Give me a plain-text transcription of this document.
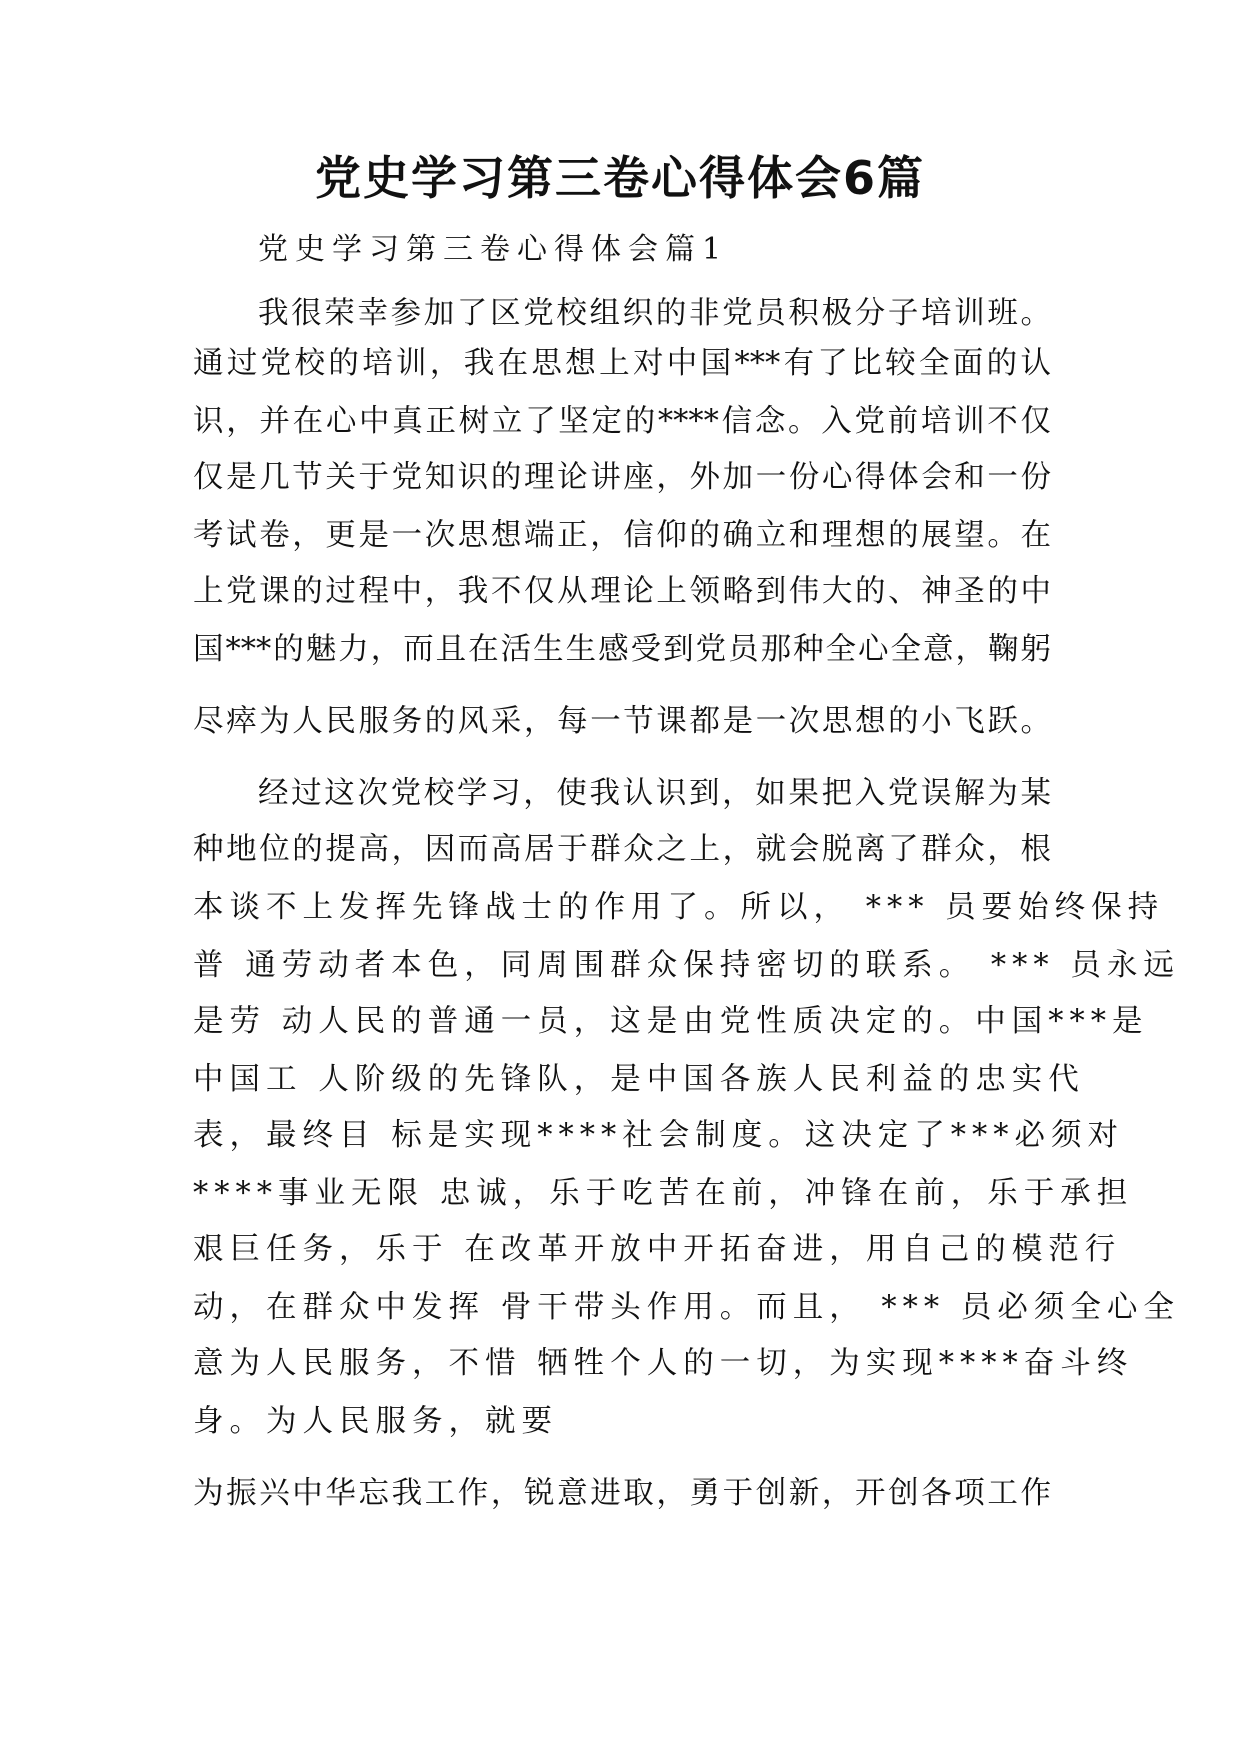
党史学习第三卷心得体会6篇

党史学习第三卷心得体会篇1

我很荣幸参加了区党校组织的非党员积极分子培训班。

通过党校的培训，我在思想上对中国***有了比较全面的认

识，并在心中真正树立了坚定的****信念。入党前培训不仅

仅是几节关于党知识的理论讲座，外加一份心得体会和一份

考试卷，更是一次思想端正，信仰的确立和理想的展望。在

上党课的过程中，我不仅从理论上领略到伟大的、神圣的中

国***的魅力，而且在活生生感受到党员那种全心全意，鞠躬

尽瘁为人民服务的风采，每一节课都是一次思想的小飞跃。

经过这次党校学习，使我认识到，如果把入党误解为某

种地位的提高，因而高居于群众之上，就会脱离了群众，根

本谈不上发挥先锋战士的作用了。所以， *** 员要始终保持

普 通劳动者本色，同周围群众保持密切的联系。 *** 员永远

是劳 动人民的普通一员，这是由党性质决定的。中国***是

中国工 人阶级的先锋队，是中国各族人民利益的忠实代

表，最终目 标是实现****社会制度。这决定了***必须对

****事业无限 忠诚，乐于吃苦在前，冲锋在前，乐于承担

艰巨任务，乐于 在改革开放中开拓奋进，用自己的模范行

动，在群众中发挥 骨干带头作用。而且， *** 员必须全心全

意为人民服务，不惜 牺牲个人的一切，为实现****奋斗终

身。为人民服务，就要

为振兴中华忘我工作，锐意进取，勇于创新，开创各项工作
